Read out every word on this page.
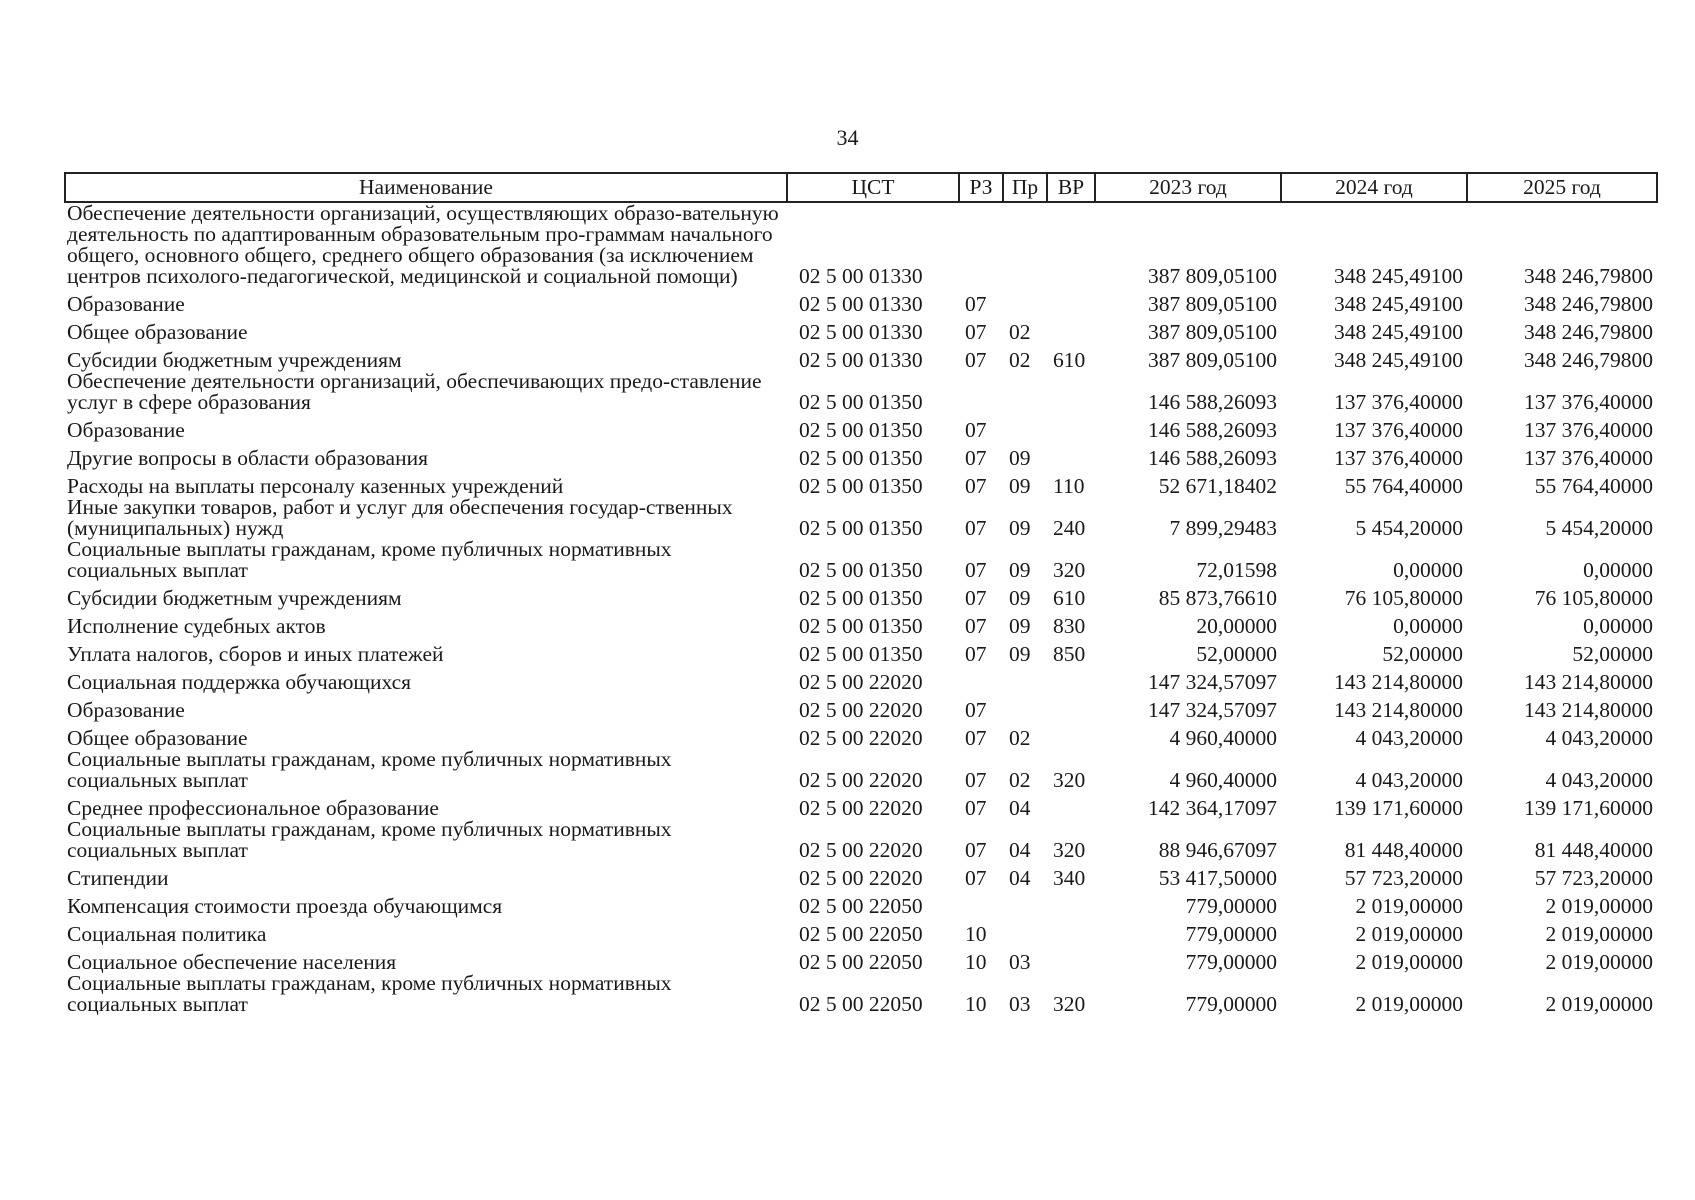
34
Наименование	ЦСТ	РЗ	Пр	ВР	2023 год	2024 год	2025 год
Обеспечение деятельности организаций, осуществляющих образо-вательную деятельность по адаптированным образовательным про-граммам начального общего, основного общего, среднего общего образования (за исключением центров психолого-педагогической, медицинской и социальной помощи)	02 5 00 01330				387 809,05100	348 245,49100	348 246,79800
Образование	02 5 00 01330	07			387 809,05100	348 245,49100	348 246,79800
Общее образование	02 5 00 01330	07	02		387 809,05100	348 245,49100	348 246,79800
Субсидии бюджетным учреждениям	02 5 00 01330	07	02	610	387 809,05100	348 245,49100	348 246,79800
Обеспечение деятельности организаций, обеспечивающих предо-ставление услуг в сфере образования	02 5 00 01350				146 588,26093	137 376,40000	137 376,40000
Образование	02 5 00 01350	07			146 588,26093	137 376,40000	137 376,40000
Другие вопросы в области образования	02 5 00 01350	07	09		146 588,26093	137 376,40000	137 376,40000
Расходы на выплаты персоналу казенных учреждений	02 5 00 01350	07	09	110	52 671,18402	55 764,40000	55 764,40000
Иные закупки товаров, работ и услуг для обеспечения государ-ственных (муниципальных) нужд	02 5 00 01350	07	09	240	7 899,29483	5 454,20000	5 454,20000
Социальные выплаты гражданам, кроме публичных нормативных социальных выплат	02 5 00 01350	07	09	320	72,01598	0,00000	0,00000
Субсидии бюджетным учреждениям	02 5 00 01350	07	09	610	85 873,76610	76 105,80000	76 105,80000
Исполнение судебных актов	02 5 00 01350	07	09	830	20,00000	0,00000	0,00000
Уплата налогов, сборов и иных платежей	02 5 00 01350	07	09	850	52,00000	52,00000	52,00000
Социальная поддержка обучающихся	02 5 00 22020				147 324,57097	143 214,80000	143 214,80000
Образование	02 5 00 22020	07			147 324,57097	143 214,80000	143 214,80000
Общее образование	02 5 00 22020	07	02		4 960,40000	4 043,20000	4 043,20000
Социальные выплаты гражданам, кроме публичных нормативных социальных выплат	02 5 00 22020	07	02	320	4 960,40000	4 043,20000	4 043,20000
Среднее профессиональное образование	02 5 00 22020	07	04		142 364,17097	139 171,60000	139 171,60000
Социальные выплаты гражданам, кроме публичных нормативных социальных выплат	02 5 00 22020	07	04	320	88 946,67097	81 448,40000	81 448,40000
Стипендии	02 5 00 22020	07	04	340	53 417,50000	57 723,20000	57 723,20000
Компенсация стоимости проезда обучающимся	02 5 00 22050				779,00000	2 019,00000	2 019,00000
Социальная политика	02 5 00 22050	10			779,00000	2 019,00000	2 019,00000
Социальное обеспечение населения	02 5 00 22050	10	03		779,00000	2 019,00000	2 019,00000
Социальные выплаты гражданам, кроме публичных нормативных социальных выплат	02 5 00 22050	10	03	320	779,00000	2 019,00000	2 019,00000
